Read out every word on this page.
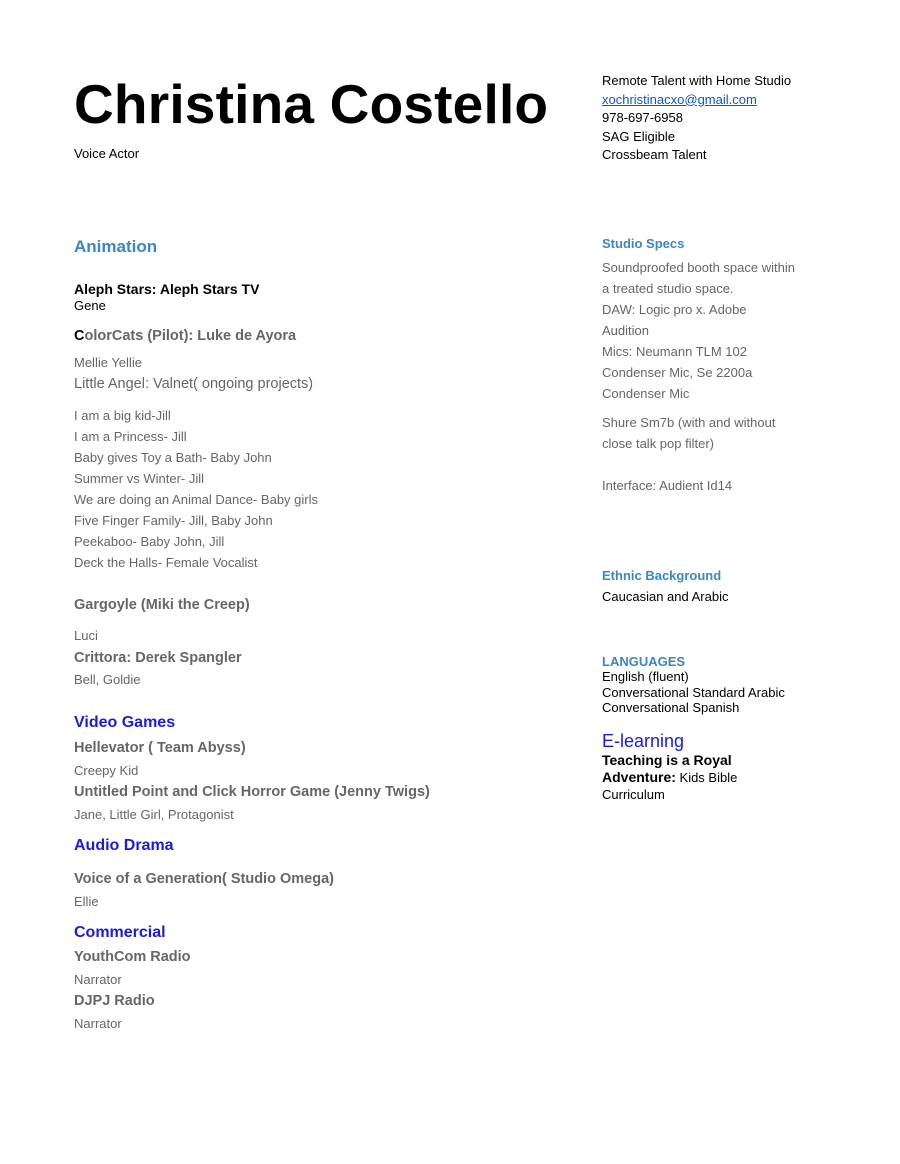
Christina Costello
Voice Actor
Remote Talent with Home Studio
xochristinacxo@gmail.com
978-697-6958
SAG Eligible
Crossbeam Talent
Animation
Aleph Stars: Aleph Stars TV
Gene
ColorCats (Pilot): Luke de Ayora
Mellie Yellie
Little Angel: Valnet( ongoing projects)
I am a big kid-Jill
I am a Princess- Jill
Baby gives Toy a Bath- Baby John
Summer vs Winter- Jill
We are doing an Animal Dance- Baby girls
Five Finger Family- Jill, Baby John
Peekaboo- Baby John, Jill
Deck the Halls- Female Vocalist
Gargoyle (Miki the Creep)
Luci
Crittora: Derek Spangler
Bell, Goldie
Video Games
Hellevator ( Team Abyss)
Creepy Kid
Untitled Point and Click Horror Game (Jenny Twigs)
Jane, Little Girl, Protagonist
Audio Drama
Voice of a Generation( Studio Omega)
Ellie
Commercial
YouthCom Radio
Narrator
DJPJ Radio
Narrator
Studio Specs
Soundproofed booth space within
a treated studio space.
DAW: Logic pro x. Adobe
Audition
Mics: Neumann TLM 102
Condenser Mic, Se 2200a
Condenser Mic
Shure Sm7b (with and without
close talk pop filter)
Interface: Audient Id14
Ethnic Background
Caucasian and Arabic
LANGUAGES
English (fluent)
Conversational Standard Arabic
Conversational Spanish
E-learning
Teaching is a Royal
Adventure: Kids Bible
Curriculum
